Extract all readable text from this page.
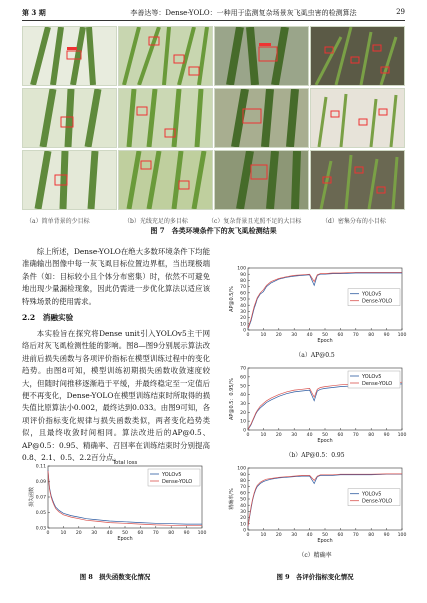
第 3 期	李善达等：Dense-YOLO：一种用于监测复杂场景灰飞虱虫害的检测算法	29
（a）简单背景的少目标	（b）光线充足的多目标	（c）复杂背景且光照不足的大目标	（d）密集分布的小目标
图 7　各类环境条件下的灰飞虱检测结果

综上所述，Dense-YOLO在绝大多数环境条件下均能准确输出图像中每一灰飞虱目标位置边界框，当出现极端条件（如：目标较小且个体分布密集）时，依然不可避免地出现少量漏检现象，因此仍需进一步优化算法以适应该特殊场景的使用需求。

2.2　消融实验

本实验旨在探究将Dense unit引入YOLOv5主干网络后对灰飞虱检测性能的影响。图8—图9分别展示算法改进前后损失函数与各项评价指标在模型训练过程中的变化趋势。由图8可知，模型训练初期损失函数收敛速度较大，但随时间推移逐渐趋于平缓，并最终稳定至一定值后便不再变化，Dense-YOLO在模型训练结束时所取得的损失值比原算法小0.002，最终达到0.033。由图9可知，各项评价指标变化规律与损失函数类似，两者变化趋势类似，且最终收敛时间相同。算法改进后的AP@0.5、AP@0.5：0.95、精确率、召回率在训练结束时分别提高0.8、2.1、0.5、2.2百分点。

0 10 20 30 40 50 60 70 80 90 100
0.03
0.05
0.07
0.09
0.11
Epoch
损失函数
Total loss
YOLOv5
Dense-YOLO
图 8　损失函数变化情况
0 10 20 30 40 50 60 70 80 90 100
0
10
20
30
40
50
60
70
80
90
100
Epoch
AP@0.5/%	YOLOv5
Dense-YOLO
（a）AP@0.5
0 10 20 30 40 50 60 70 80 90 100
0
10
20
30
40
50
60
70
Epoch
AP@0.5：0.95/%
YOLOv5
Dense-YOLO
（b）AP@0.5：0.95
0 10 20 30 40 50 60 70 80 90 100
0
10
20
30
40
50
60
70
80
90
100
Epoch
精确率/%	YOLOv5
Dense-YOLO
（c）精确率
图 9　各评价指标变化情况
